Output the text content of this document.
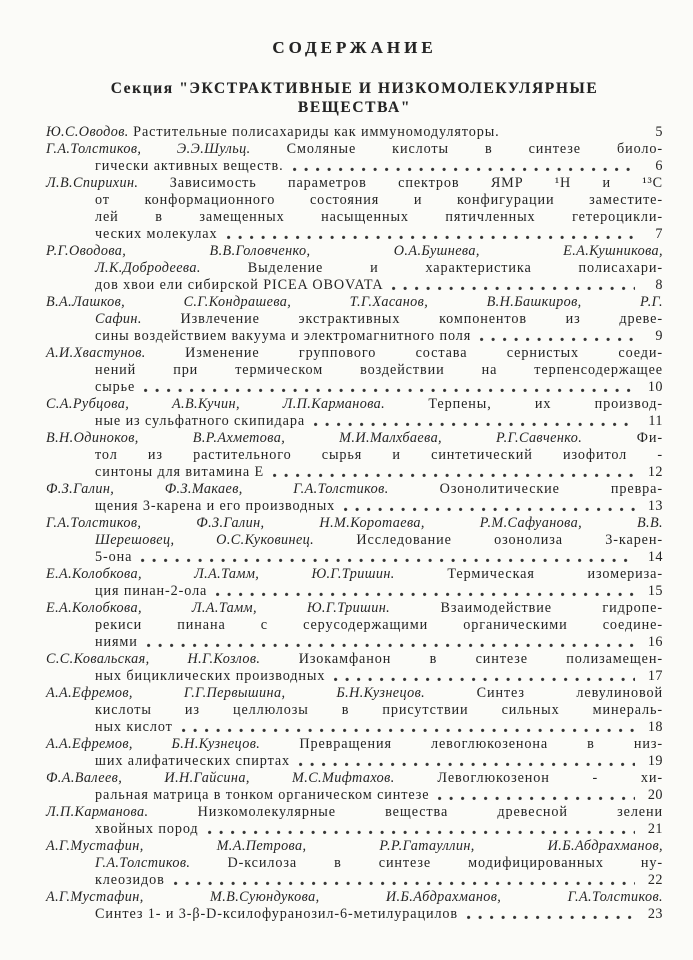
СОДЕРЖАНИЕ
Секция "ЭКСТРАКТИВНЫЕ И НИЗКОМОЛЕКУЛЯРНЫЕ
ВЕЩЕСТВА"
Ю.С.Оводов. Растительные полисахариды как иммуномодуляторы.	5
Г.А.Толстиков, Э.Э.Шульц. Смоляные кислоты в синтезе биоло-
гически активных веществ.	6
Л.В.Спирихин. Зависимость параметров спектров ЯМР ¹H и ¹³C
от конформационного состояния и конфигурации заместите-
лей в замещенных насыщенных пятичленных гетероцикли-
ческих молекулах	7
Р.Г.Оводова, В.В.Головченко, О.А.Бушнева, Е.А.Кушникова,
Л.К.Добродеева. Выделение и характеристика полисахари-
дов хвои ели сибирской PICEA OBOVATA	8
В.А.Лашков, С.Г.Кондрашева, Т.Г.Хасанов, В.Н.Башкиров, Р.Г.
Сафин. Извлечение экстрактивных компонентов из древе-
сины воздействием вакуума и электромагнитного поля	9
А.И.Хвастунов. Изменение группового состава сернистых соеди-
нений при термическом воздействии на терпенсодержащее
сырье	10
С.А.Рубцова, А.В.Кучин, Л.П.Карманова. Терпены, их производ-
ные из сульфатного скипидара	11
В.Н.Одиноков, В.Р.Ахметова, М.И.Малхбаева, Р.Г.Савченко. Фи-
тол из растительного сырья и синтетический изофитол -
синтоны для витамина Е	12
Ф.З.Галин, Ф.З.Макаев, Г.А.Толстиков. Озонолитические превра-
щения 3-карена и его производных	13
Г.А.Толстиков, Ф.З.Галин, Н.М.Коротаева, Р.М.Сафуанова, В.В.
Шерешовец, О.С.Куковинец. Исследование озонолиза 3-карен-
5-она	14
Е.А.Колобкова, Л.А.Тамм, Ю.Г.Тришин. Термическая изомериза-
ция пинан-2-ола	15
Е.А.Колобкова, Л.А.Тамм, Ю.Г.Тришин. Взаимодействие гидропе-
рекиси пинана с серусодержащими органическими соедине-
ниями	16
С.С.Ковальская, Н.Г.Козлов. Изокамфанон в синтезе полизамещен-
ных бициклических производных	17
А.А.Ефремов, Г.Г.Первышина, Б.Н.Кузнецов. Синтез левулиновой
кислоты из целлюлозы в присутствии сильных минераль-
ных кислот	18
А.А.Ефремов, Б.Н.Кузнецов. Превращения левоглюкозенона в низ-
ших алифатических спиртах	19
Ф.А.Валеев, И.Н.Гайсина, М.С.Мифтахов. Левоглюкозенон - хи-
ральная матрица в тонком органическом синтезе	20
Л.П.Карманова. Низкомолекулярные вещества древесной зелени
хвойных пород	21
А.Г.Мустафин, М.А.Петрова, Р.Р.Гатауллин, И.Б.Абдрахманов,
Г.А.Толстиков. D-ксилоза в синтезе модифицированных ну-
клеозидов	22
А.Г.Мустафин, М.В.Суюндукова, И.Б.Абдрахманов, Г.А.Толстиков.
Синтез 1- и 3-β-D-ксилофуранозил-6-метилурацилов	23
